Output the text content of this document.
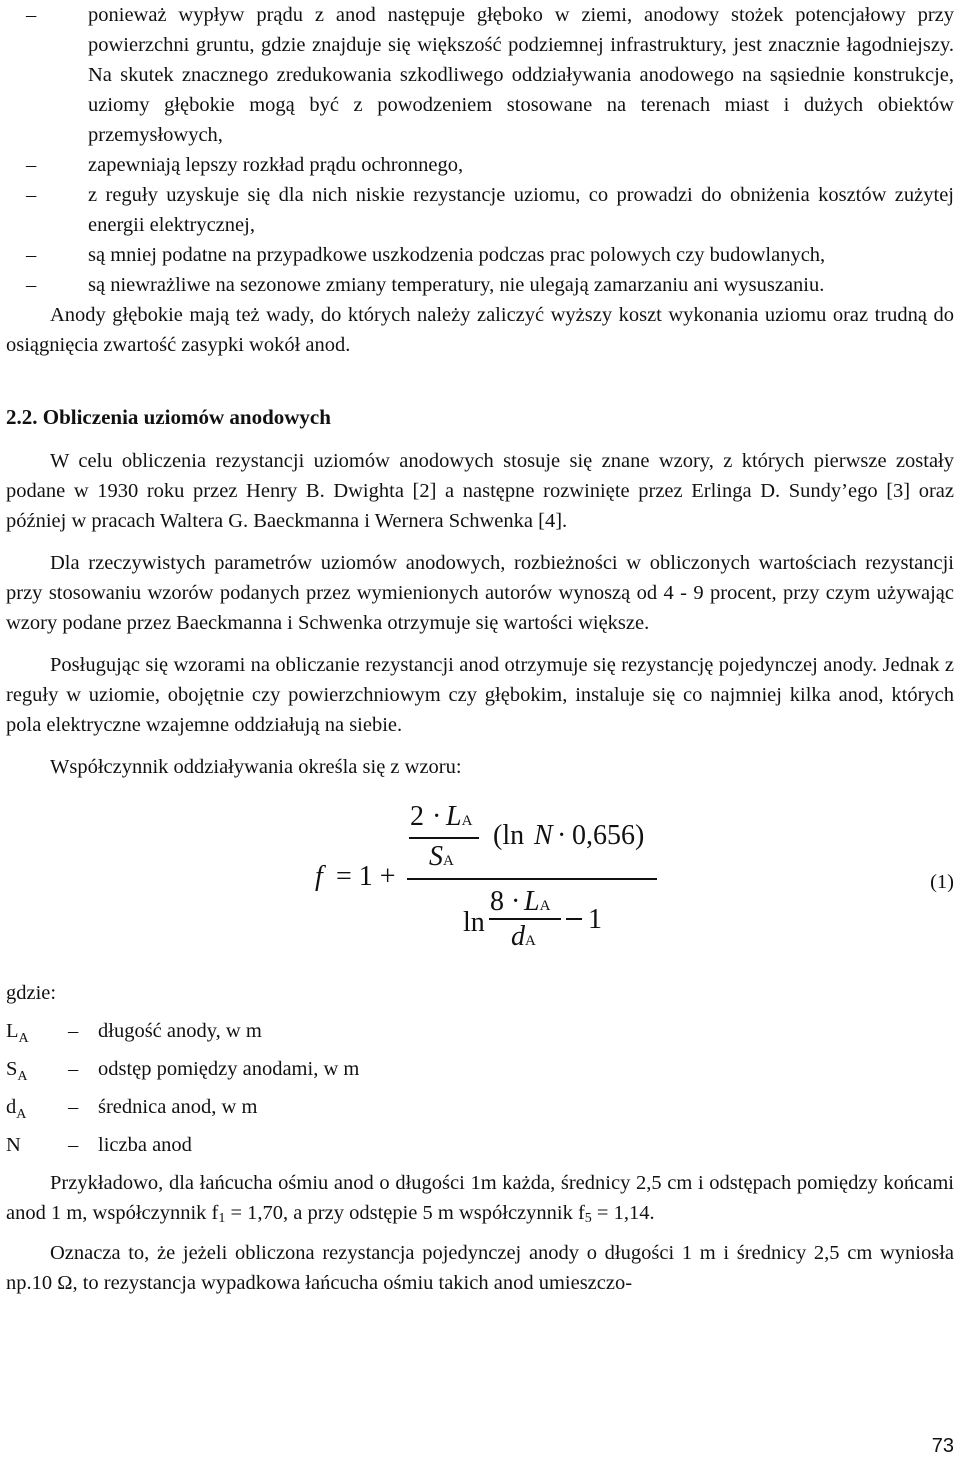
–	ponieważ wypływ prądu z anod następuje głęboko w ziemi, anodowy stożek potencjałowy przy powierzchni gruntu, gdzie znajduje się większość podziemnej infrastruktury, jest znacznie łagodniejszy. Na skutek znacznego zredukowania szkodliwego oddziaływania anodowego na sąsiednie konstrukcje, uziomy głębokie mogą być z powodzeniem stosowane na terenach miast i dużych obiektów przemysłowych,
–	zapewniają lepszy rozkład prądu ochronnego,
–	z reguły uzyskuje się dla nich niskie rezystancje uziomu, co prowadzi do obniżenia kosztów zużytej energii elektrycznej,
–	są mniej podatne na przypadkowe uszkodzenia podczas prac polowych czy budowlanych,
–	są niewrażliwe na sezonowe zmiany temperatury, nie ulegają zamarzaniu ani wysuszaniu.

Anody głębokie mają też wady, do których należy zaliczyć wyższy koszt wykonania uziomu oraz trudną do osiągnięcia zwartość zasypki wokół anod.

2.2. Obliczenia uziomów anodowych

W celu obliczenia rezystancji uziomów anodowych stosuje się znane wzory, z których pierwsze zostały podane w 1930 roku przez Henry B. Dwighta [2] a następne rozwinięte przez Erlinga D. Sundy’ego [3] oraz później w pracach Waltera G. Baeckmanna i Wernera Schwenka [4].

Dla rzeczywistych parametrów uziomów anodowych, rozbieżności w obliczonych wartościach rezystancji przy stosowaniu wzorów podanych przez wymienionych autorów wynoszą od 4 - 9 procent, przy czym używając wzory podane przez Baeckmanna i Schwenka otrzymuje się wartości większe.

Posługując się wzorami na obliczanie rezystancji anod otrzymuje się rezystancję pojedynczej anody. Jednak z reguły w uziomie, obojętnie czy powierzchniowym czy głębokim, instaluje się co najmniej kilka anod, których pola elektryczne wzajemne oddziałują na siebie.

Współczynnik oddziaływania określa się z wzoru:

f = 1 +
2 · LA
SA
(ln N · 0,656)
8 · LA
ln	1
dA
(1)

gdzie:

$L_A$	– długość anody, w m
$S_A$	– odstęp pomiędzy anodami, w m
$d_A$	– średnica anod, w m
N	– liczba anod

Przykładowo, dla łańcucha ośmiu anod o długości 1m każda, średnicy 2,5 cm i odstępach pomiędzy końcami anod 1 m, współczynnik $f_1 = 1,70$, a przy odstępie 5 m współczynnik $f_5 = 1,14$.

Oznacza to, że jeżeli obliczona rezystancja pojedynczej anody o długości 1 m i średnicy 2,5 cm wyniosła np.10 Ω, to rezystancja wypadkowa łańcucha ośmiu takich anod umieszczo-

73
